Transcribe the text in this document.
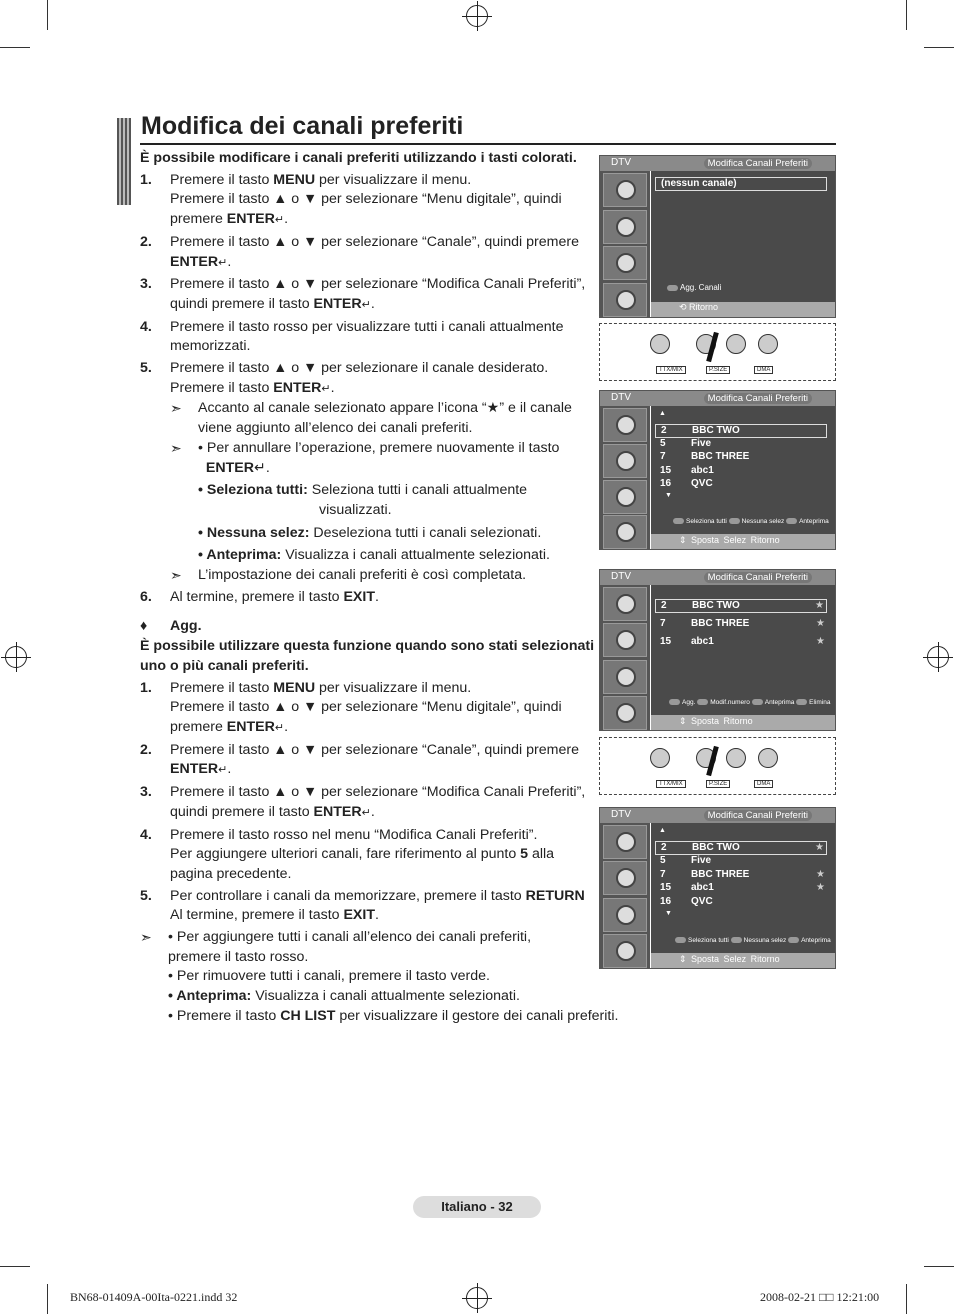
Modifica dei canali preferiti

È possibile modificare i canali preferiti utilizzando i tasti colorati.

1.	Premere il tasto MENU per visualizzare il menu.
Premere il tasto ▲ o ▼ per selezionare “Menu digitale”, quindi premere ENTER↵.
2.	Premere il tasto ▲ o ▼ per selezionare “Canale”, quindi premere ENTER↵.
3.	Premere il tasto ▲ o ▼ per selezionare “Modifica Canali Preferiti”, quindi premere il tasto ENTER↵.
4.	Premere il tasto rosso per visualizzare tutti i canali attualmente memorizzati.
5.	Premere il tasto ▲ o ▼ per selezionare il canale desiderato.
Premere il tasto ENTER↵.
➣	Accanto al canale selezionato appare l’icona “★” e il canale viene aggiunto all’elenco dei canali preferiti.
➣	• Per annullare l’operazione, premere nuovamente il tasto
ENTER↵.
• Seleziona tutti: Seleziona tutti i canali attualmente
visualizzati.
• Nessuna selez: Deseleziona tutti i canali selezionati.
• Anteprima: Visualizza i canali attualmente selezionati.
➣	L’impostazione dei canali preferiti è così completata.
6.	Al termine, premere il tasto EXIT.
♦	Agg.

È possibile utilizzare questa funzione quando sono stati selezionati uno o più canali preferiti.

1.	Premere il tasto MENU per visualizzare il menu.
Premere il tasto ▲ o ▼ per selezionare “Menu digitale”, quindi premere ENTER↵.
2.	Premere il tasto ▲ o ▼ per selezionare “Canale”, quindi premere ENTER↵.
3.	Premere il tasto ▲ o ▼ per selezionare “Modifica Canali Preferiti”, quindi premere il tasto ENTER↵.
4.	Premere il tasto rosso nel menu “Modifica Canali Preferiti”.
Per aggiungere ulteriori canali, fare riferimento al punto 5 alla pagina precedente.
5.	Per controllare i canali da memorizzare, premere il tasto RETURN Al termine, premere il tasto EXIT.
➣	• Per aggiungere tutti i canali all’elenco dei canali preferiti, premere il tasto rosso.
• Per rimuovere tutti i canali, premere il tasto verde.
• Anteprima: Visualizza i canali attualmente selezionati.
• Premere il tasto CH LIST per visualizzare il gestore dei canali preferiti.
DTV	Modifica Canali Preferiti
(nessun canale)
Agg. Canali
⟲ Ritorno
DTV	Modifica Canali Preferiti
▲
2	BBC TWO
5	Five
7	BBC THREE
15 abc1
16 QVC
▼
Seleziona tutti Nessuna selez Anteprima
⇕ Sposta Selez Ritorno
DTV	Modifica Canali Preferiti
2	BBC TWO	★
7	BBC THREE	★
15 abc1	★
Agg. Modif.numero Anteprima Elimina
⇕ Sposta Ritorno
DTV	Modifica Canali Preferiti
▲
2	BBC TWO	★
5	Five
7	BBC THREE	★
15 abc1	★
16 QVC
▼
Seleziona tutti Nessuna selez Anteprima
⇕ Sposta Selez Ritorno
TTX/MIX	P.SIZE	DMA
TTX/MIX	P.SIZE	DMA
Italiano - 32
BN68-01409A-00Ita-0221.indd 32	2008-02-21 □□ 12:21:00
